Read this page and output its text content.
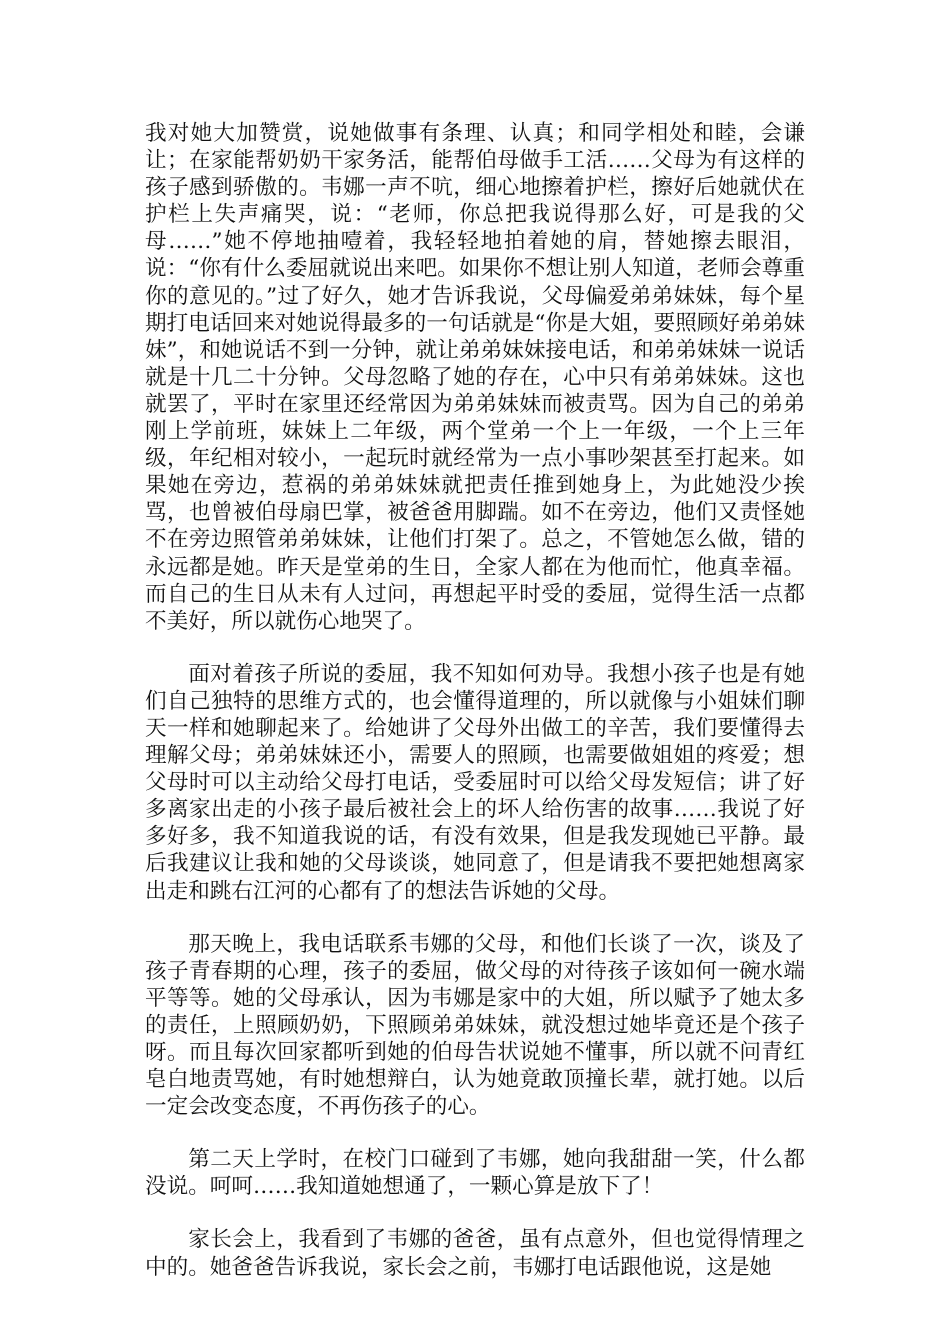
我对她大加赞赏，说她做事有条理、认真；和同学相处和睦，会谦让；在家能帮奶奶干家务活，能帮伯母做手工活……父母为有这样的孩子感到骄傲的。韦娜一声不吭，细心地擦着护栏，擦好后她就伏在护栏上失声痛哭，说：“老师，你总把我说得那么好，可是我的父母……”她不停地抽噎着，我轻轻地拍着她的肩，替她擦去眼泪，说：“你有什么委屈就说出来吧。如果你不想让别人知道，老师会尊重你的意见的。”过了好久，她才告诉我说，父母偏爱弟弟妹妹，每个星期打电话回来对她说得最多的一句话就是“你是大姐，要照顾好弟弟妹妹”，和她说话不到一分钟，就让弟弟妹妹接电话，和弟弟妹妹一说话就是十几二十分钟。父母忽略了她的存在，心中只有弟弟妹妹。这也就罢了，平时在家里还经常因为弟弟妹妹而被责骂。因为自己的弟弟刚上学前班，妹妹上二年级，两个堂弟一个上一年级，一个上三年级，年纪相对较小，一起玩时就经常为一点小事吵架甚至打起来。如果她在旁边，惹祸的弟弟妹妹就把责任推到她身上，为此她没少挨骂，也曾被伯母扇巴掌，被爸爸用脚踹。如不在旁边，他们又责怪她不在旁边照管弟弟妹妹，让他们打架了。总之，不管她怎么做，错的永远都是她。昨天是堂弟的生日，全家人都在为他而忙，他真幸福。而自己的生日从未有人过问，再想起平时受的委屈，觉得生活一点都不美好，所以就伤心地哭了。

面对着孩子所说的委屈，我不知如何劝导。我想小孩子也是有她们自己独特的思维方式的，也会懂得道理的，所以就像与小姐妹们聊天一样和她聊起来了。给她讲了父母外出做工的辛苦，我们要懂得去理解父母；弟弟妹妹还小，需要人的照顾，也需要做姐姐的疼爱；想父母时可以主动给父母打电话，受委屈时可以给父母发短信；讲了好多离家出走的小孩子最后被社会上的坏人给伤害的故事……我说了好多好多，我不知道我说的话，有没有效果，但是我发现她已平静。最后我建议让我和她的父母谈谈，她同意了，但是请我不要把她想离家出走和跳右江河的心都有了的想法告诉她的父母。

那天晚上，我电话联系韦娜的父母，和他们长谈了一次，谈及了孩子青春期的心理，孩子的委屈，做父母的对待孩子该如何一碗水端平等等。她的父母承认，因为韦娜是家中的大姐，所以赋予了她太多的责任，上照顾奶奶，下照顾弟弟妹妹，就没想过她毕竟还是个孩子呀。而且每次回家都听到她的伯母告状说她不懂事，所以就不问青红皂白地责骂她，有时她想辩白，认为她竟敢顶撞长辈，就打她。以后一定会改变态度，不再伤孩子的心。

第二天上学时，在校门口碰到了韦娜，她向我甜甜一笑，什么都没说。呵呵……我知道她想通了，一颗心算是放下了！

家长会上，我看到了韦娜的爸爸，虽有点意外，但也觉得情理之中的。她爸爸告诉我说，家长会之前，韦娜打电话跟他说，这是她
